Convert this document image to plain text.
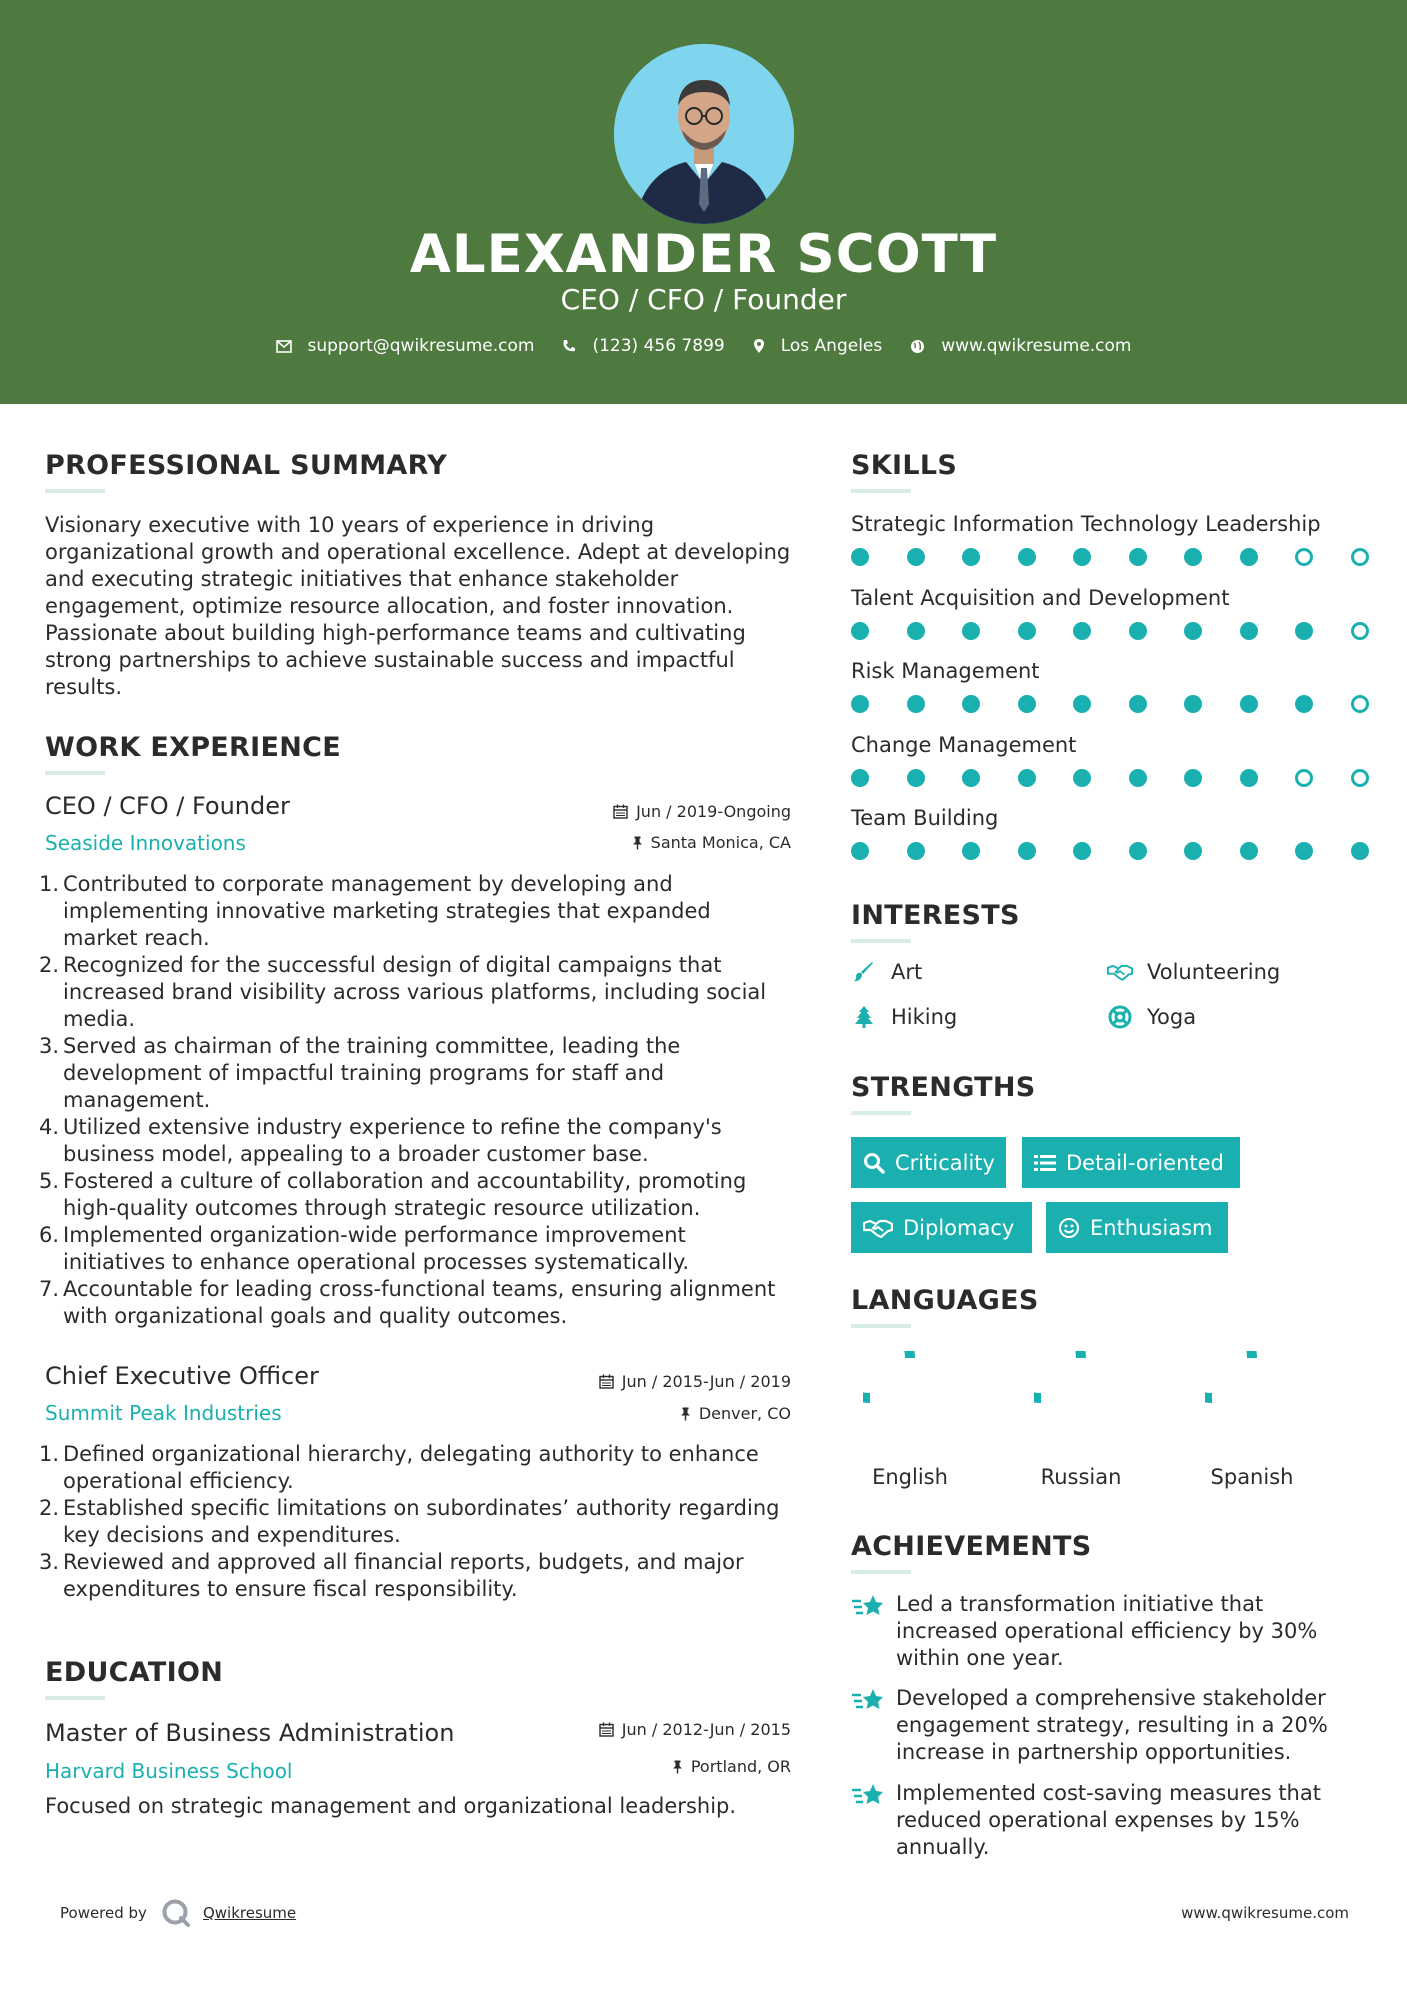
ALEXANDER SCOTT
CEO / CFO / Founder
support@qwikresume.com	(123) 456 7899	Los Angeles	www.qwikresume.com
PROFESSIONAL SUMMARY
Visionary executive with 10 years of experience in driving
organizational growth and operational excellence. Adept at developing
and executing strategic initiatives that enhance stakeholder
engagement, optimize resource allocation, and foster innovation.
Passionate about building high-performance teams and cultivating
strong partnerships to achieve sustainable success and impactful
results.
WORK EXPERIENCE
CEO / CFO / Founder
Seaside Innovations
Jun / 2019-Ongoing
Santa Monica, CA
1. Contributed to corporate management by developing and
implementing innovative marketing strategies that expanded
market reach.
2. Recognized for the successful design of digital campaigns that
increased brand visibility across various platforms, including social
media.
3. Served as chairman of the training committee, leading the
development of impactful training programs for staff and
management.
4. Utilized extensive industry experience to refine the company's
business model, appealing to a broader customer base.
5. Fostered a culture of collaboration and accountability, promoting
high-quality outcomes through strategic resource utilization.
6. Implemented organization-wide performance improvement
initiatives to enhance operational processes systematically.
7. Accountable for leading cross-functional teams, ensuring alignment
with organizational goals and quality outcomes.
Chief Executive Officer
Summit Peak Industries
Jun / 2015-Jun / 2019
Denver, CO
1. Defined organizational hierarchy, delegating authority to enhance
operational efficiency.
2. Established specific limitations on subordinates’ authority regarding
key decisions and expenditures.
3. Reviewed and approved all financial reports, budgets, and major
expenditures to ensure fiscal responsibility.
EDUCATION
Master of Business Administration
Harvard Business School
Jun / 2012-Jun / 2015
Portland, OR
Focused on strategic management and organizational leadership.
SKILLS
Strategic Information Technology Leadership
Talent Acquisition and Development
Risk Management
Change Management
Team Building
INTERESTS
Art	Volunteering
Hiking	Yoga
STRENGTHS
Criticality	Detail-oriented
Diplomacy	Enthusiasm
LANGUAGES
English	Russian	Spanish
ACHIEVEMENTS
Led a transformation initiative that
increased operational efficiency by 30%
within one year.
Developed a comprehensive stakeholder
engagement strategy, resulting in a 20%
increase in partnership opportunities.
Implemented cost-saving measures that
reduced operational expenses by 15%
annually.
Powered by	Qwikresume	www.qwikresume.com
